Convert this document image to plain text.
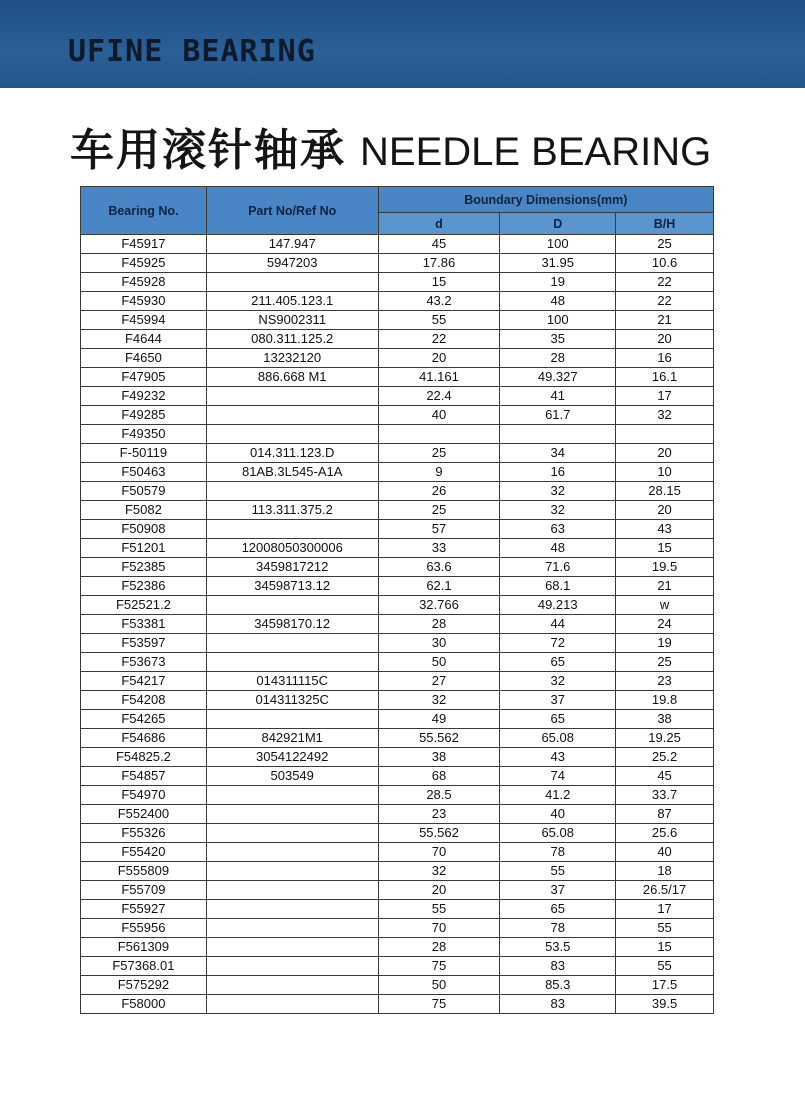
UFINE BEARING
车用滚针轴承 NEEDLE BEARING
Bearing No.	Part No/Ref No	Boundary Dimensions(mm)		
		d	D	B/H
F45917	147.947	45	100	25
F45925	5947203	17.86	31.95	10.6
F45928		15	19	22
F45930	211.405.123.1	43.2	48	22
F45994	NS9002311	55	100	21
F4644	080.311.125.2	22	35	20
F4650	13232120	20	28	16
F47905	886.668 M1	41.161	49.327	16.1
F49232		22.4	41	17
F49285		40	61.7	32
F49350				
F-50119	014.311.123.D	25	34	20
F50463	81AB.3L545-A1A	9	16	10
F50579		26	32	28.15
F5082	113.311.375.2	25	32	20
F50908		57	63	43
F51201	12008050300006	33	48	15
F52385	3459817212	63.6	71.6	19.5
F52386	34598713.12	62.1	68.1	21
F52521.2		32.766	49.213	w
F53381	34598170.12	28	44	24
F53597		30	72	19
F53673		50	65	25
F54217	014311115C	27	32	23
F54208	014311325C	32	37	19.8
F54265		49	65	38
F54686	842921M1	55.562	65.08	19.25
F54825.2	3054122492	38	43	25.2
F54857	503549	68	74	45
F54970		28.5	41.2	33.7
F552400		23	40	87
F55326		55.562	65.08	25.6
F55420		70	78	40
F555809		32	55	18
F55709		20	37	26.5/17
F55927		55	65	17
F55956		70	78	55
F561309		28	53.5	15
F57368.01		75	83	55
F575292		50	85.3	17.5
F58000		75	83	39.5
